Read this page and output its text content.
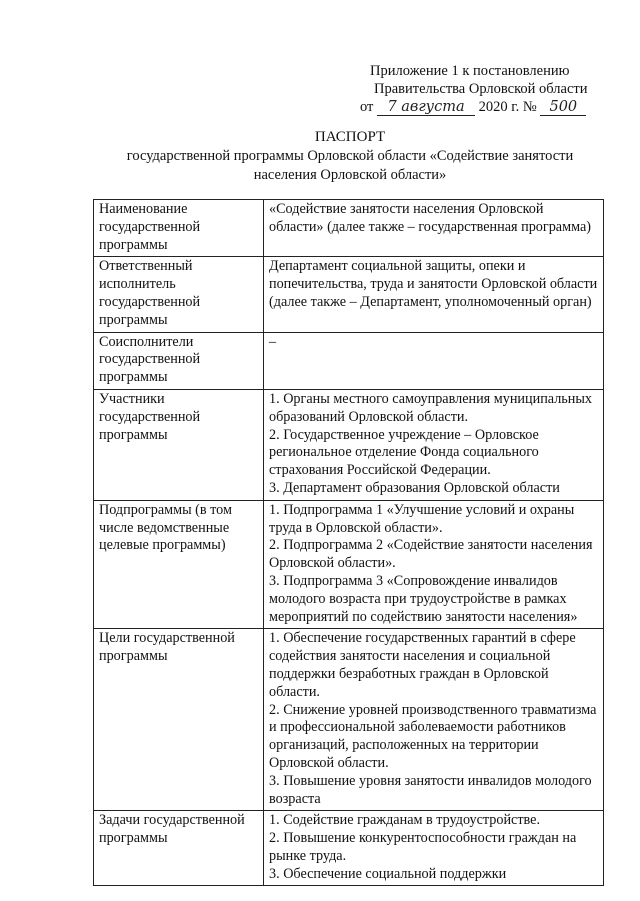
Приложение 1 к постановлению
Правительства Орловской области
от 7 августа 2020 г. № 500
ПАСПОРТ
государственной программы Орловской области «Содействие занятости населения Орловской области»
Наименование государственной программы	«Содействие занятости населения Орловской области» (далее также – государственная программа)

Ответственный исполнитель государственной программы	Департамент социальной защиты, опеки и попечительства, труда и занятости Орловской области (далее также – Департамент, уполномоченный орган)

Соисполнители государственной программы	–

Участники государственной программы	1. Органы местного самоуправления муниципальных образований Орловской области.
2. Государственное учреждение – Орловское региональное отделение Фонда социального страхования Российской Федерации.
3. Департамент образования Орловской области

Подпрограммы (в том числе ведомственные целевые программы)	1. Подпрограмма 1 «Улучшение условий и охраны труда в Орловской области».
2. Подпрограмма 2 «Содействие занятости населения Орловской области».
3. Подпрограмма 3 «Сопровождение инвалидов молодого возраста при трудоустройстве в рамках мероприятий по содействию занятости населения»

Цели государственной программы	1. Обеспечение государственных гарантий в сфере содействия занятости населения и социальной поддержки безработных граждан в Орловской области.
2. Снижение уровней производственного травматизма и профессиональной заболеваемости работников организаций, расположенных на территории Орловской области.
3. Повышение уровня занятости инвалидов молодого возраста

Задачи государственной программы	1. Содействие гражданам в трудоустройстве.
2. Повышение конкурентоспособности граждан на рынке труда.
3. Обеспечение социальной поддержки
